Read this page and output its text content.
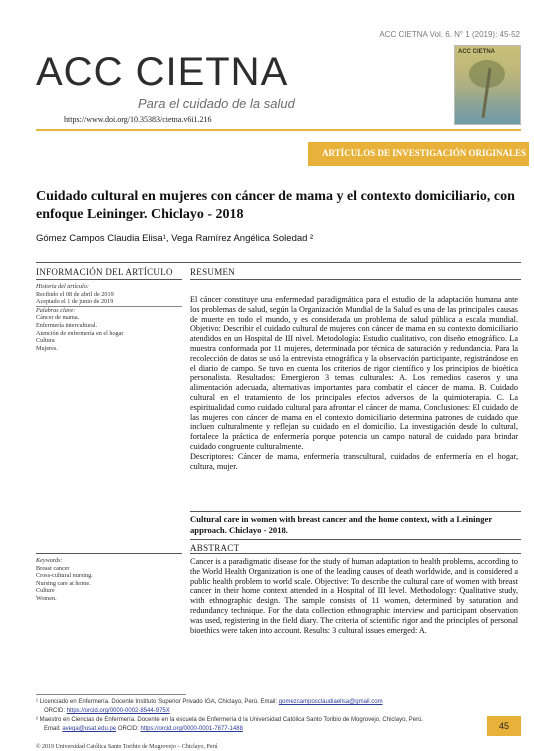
ACC CIETNA Vol. 6. N° 1 (2019): 45-52
ACC CIETNA
Para el cuidado de la salud
https://www.doi.org/10.35383/cietna.v6i1.216
ACC CIETNA
ARTÍCULOS DE INVESTIGACIÓN ORIGINALES
Cuidado cultural en mujeres con cáncer de mama y el contexto domiciliario, con enfoque Leininger. Chiclayo - 2018
Gómez Campos Claudia Elisa¹, Vega Ramírez Angélica Soledad ²
INFORMACIÓN DEL ARTÍCULO RESUMEN
Historia del artículo:
Recibido el 08 de abril de 2019
Aceptado el 1 de junio de 2019
Palabras clave:
Cáncer de mama.
Enfermería intercultural.
Atención de enfermería en el hogar
Cultura
Mujeres.
El cáncer constituye una enfermedad paradigmática para el estudio de la adaptación humana ante los problemas de salud, según la Organización Mundial de la Salud es una de las principales causas de muerte en todo el mundo, y es considerada un problema de salud pública a escala mundial. Objetivo: Describir el cuidado cultural de mujeres con cáncer de mama en su contexto domiciliario atendidos en un Hospital de III nivel. Metodología: Estudio cualitativo, con diseño etnográfico. La muestra conformada por 11 mujeres, determinada por técnica de saturación y redundancia. Para la recolección de datos se usó la entrevista etnográfica y la observación participante, registrándose en el diario de campo. Se tuvo en cuenta los criterios de rigor científico y los principios de bioética personalista. Resultados: Emergieron 3 temas culturales: A. Los remedios caseros y una alimentación adecuada, alternativas importantes para combatir el cáncer de mama. B. Cuidado cultural en el tratamiento de los principales efectos adversos de la quimioterapia. C. La espiritualidad como cuidado cultural para afrontar el cáncer de mama. Conclusiones: El cuidado de las mujeres con cáncer de mama en el contexto domiciliario determina patrones de cuidado que incluen culturalmente y reflejan su cuidado en el domicilio. La investigación desde lo cultural, fortalece la práctica de enfermería porque potencia un campo natural de cuidado para brindar cuidado congruente culturalmente.
Descriptores: Cáncer de mama, enfermería transcultural, cuidados de enfermería en el hogar, cultura, mujer.
Cultural care in women with breast cancer and the home context, with a Leininger approach. Chiclayo - 2018.
ABSTRACT
Keywords:
Breast cancer
Cross-cultural nursing.
Nursing care at home.
Culture
Women.
Cancer is a paradigmatic disease for the study of human adaptation to health problems, according to the World Health Organization is one of the leading causes of death worldwide, and is considered a public health problem to world scale. Objective: To describe the cultural care of women with breast cancer in their home context attended in a Hospital of III level. Methodology: Qualitative study, with ethnographic design. The sample consists of 11 women, determined by saturation and redundancy technique. For the data collection ethnographic interview and participant observation was used, registering in the field diary. The criteria of scientific rigor and the principles of personal bioethics were taken into account. Results: 3 cultural issues emerged: A.
¹ Licenciado en Enfermería. Docente Instituto Superior Privado IGA, Chiclayo, Perú. Email: gomezcamposclaudiaelisa@gmail.com
ORCID: https://orcid.org/0000-0002-8544-975X
² Maestro en Ciencias de Enfermería. Docente en la escuela de Enfermería d la Universidad Católica Santo Toribio de Mogrovejo, Chiclayo, Perú.
Email: avega@usat.edu.pe ORCID: https://orcid.org/0000-0001-7877-1488	45
© 2019 Universidad Católica Santo Toribio de Mogrovejo – Chiclayo, Perú
